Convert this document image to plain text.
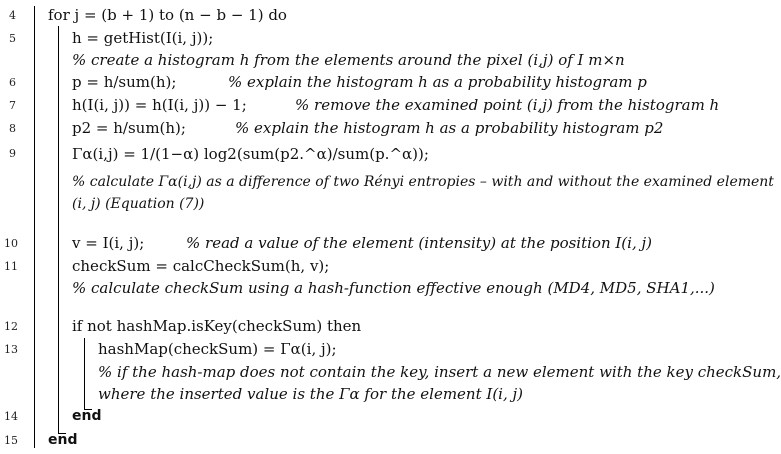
4
5
6
7
8
9
10
11
12
13
14
15
for j = (b + 1) to (n − b − 1) do
h = getHist(I(i, j));
% create a histogram h from the elements around the pixel (i,j) of I m×n
p = h/sum(h);	% explain the histogram h as a probability histogram p
h(I(i, j)) = h(I(i, j)) − 1;	% remove the examined point (i,j) from the histogram h
p2 = h/sum(h);	% explain the histogram h as a probability histogram p2
Γα(i,j) = 1/(1−α) log2(sum(p2.^α)/sum(p.^α));
% calculate Γα(i,j) as a difference of two Rényi entropies – with and without the examined element
(i, j) (Equation (7))
v = I(i, j);	% read a value of the element (intensity) at the position I(i, j)
checkSum = calcCheckSum(h, v);
% calculate checkSum using a hash-function effective enough (MD4, MD5, SHA1,...)
if not hashMap.isKey(checkSum) then
hashMap(checkSum) = Γα(i, j);
% if the hash-map does not contain the key, insert a new element with the key checkSum,
where the inserted value is the Γα for the element I(i, j)
end
end
